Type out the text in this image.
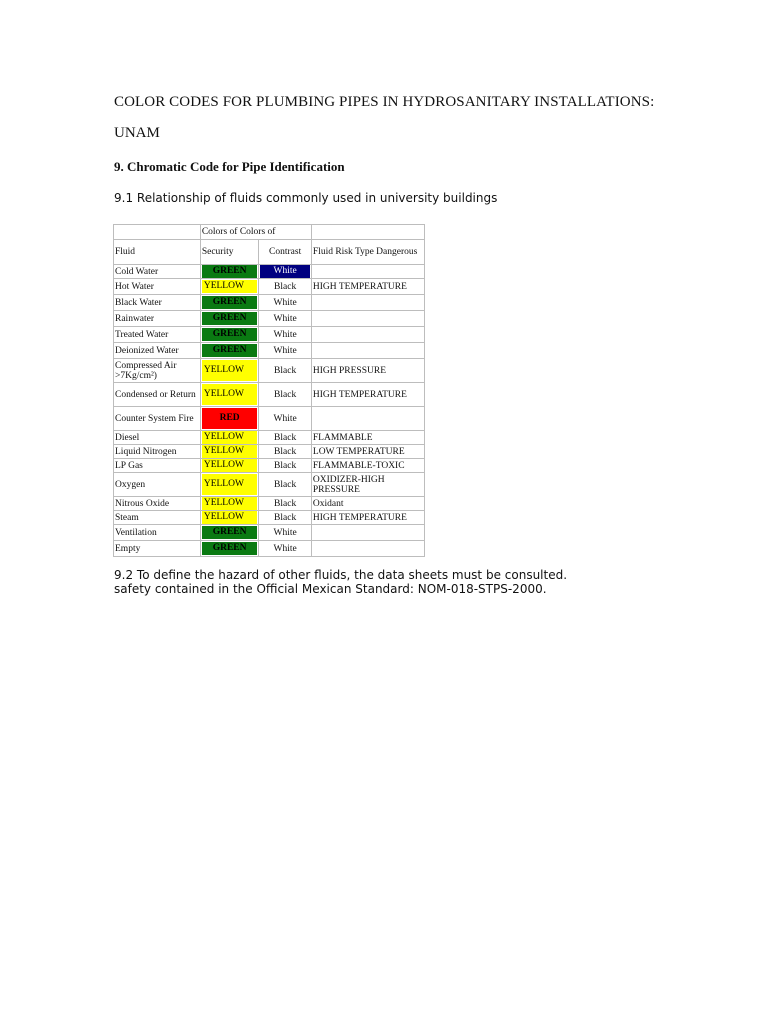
COLOR CODES FOR PLUMBING PIPES IN HYDROSANITARY INSTALLATIONS:
UNAM
9. Chromatic Code for Pipe Identification
9.1 Relationship of fluids commonly used in university buildings
	Colors of Colors of		
Fluid	Security	Contrast	Fluid Risk Type Dangerous
Cold Water	GREEN	White	

Hot Water	YELLOW	Black	HIGH TEMPERATURE
Black Water	GREEN	White	
Rainwater	GREEN	White	
Treated Water	GREEN	White	
Deionized Water	GREEN	White	
Compressed Air >7Kg/cm²)	YELLOW	Black	HIGH PRESSURE
Condensed or Return	YELLOW	Black	HIGH TEMPERATURE
Counter System Fire	RED	White	
Diesel	YELLOW	Black	FLAMMABLE
Liquid Nitrogen	YELLOW	Black	LOW TEMPERATURE
LP Gas	YELLOW	Black	FLAMMABLE-TOXIC
Oxygen	YELLOW	Black	OXIDIZER-HIGH PRESSURE
Nitrous Oxide	YELLOW	Black	Oxidant
Steam	YELLOW	Black	HIGH TEMPERATURE
Ventilation	GREEN	White	
Empty	GREEN	White	
9.2 To define the hazard of other fluids, the data sheets must be consulted.
safety contained in the Official Mexican Standard: NOM-018-STPS-2000.
